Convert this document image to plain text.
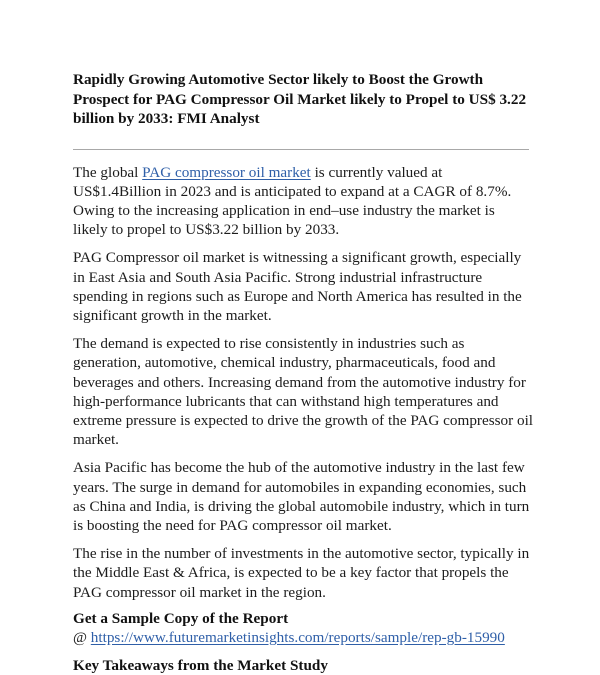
Rapidly Growing Automotive Sector likely to Boost the Growth Prospect for PAG Compressor Oil Market likely to Propel to US$ 3.22 billion by 2033: FMI Analyst

The global PAG compressor oil market is currently valued at US$1.4Billion in 2023 and is anticipated to expand at a CAGR of 8.7%. Owing to the increasing application in end–use industry the market is likely to propel to US$3.22 billion by 2033.

PAG Compressor oil market is witnessing a significant growth, especially in East Asia and South Asia Pacific. Strong industrial infrastructure spending in regions such as Europe and North America has resulted in the significant growth in the market.

The demand is expected to rise consistently in industries such as generation, automotive, chemical industry, pharmaceuticals, food and beverages and others. Increasing demand from the automotive industry for high-performance lubricants that can withstand high temperatures and extreme pressure is expected to drive the growth of the PAG compressor oil market.

Asia Pacific has become the hub of the automotive industry in the last few years. The surge in demand for automobiles in expanding economies, such as China and India, is driving the global automobile industry, which in turn is boosting the need for PAG compressor oil market.

The rise in the number of investments in the automotive sector, typically in the Middle East & Africa, is expected to be a key factor that propels the PAG compressor oil market in the region.

Get a Sample Copy of the Report

@ https://www.futuremarketinsights.com/reports/sample/rep-gb-15990

Key Takeaways from the Market Study
